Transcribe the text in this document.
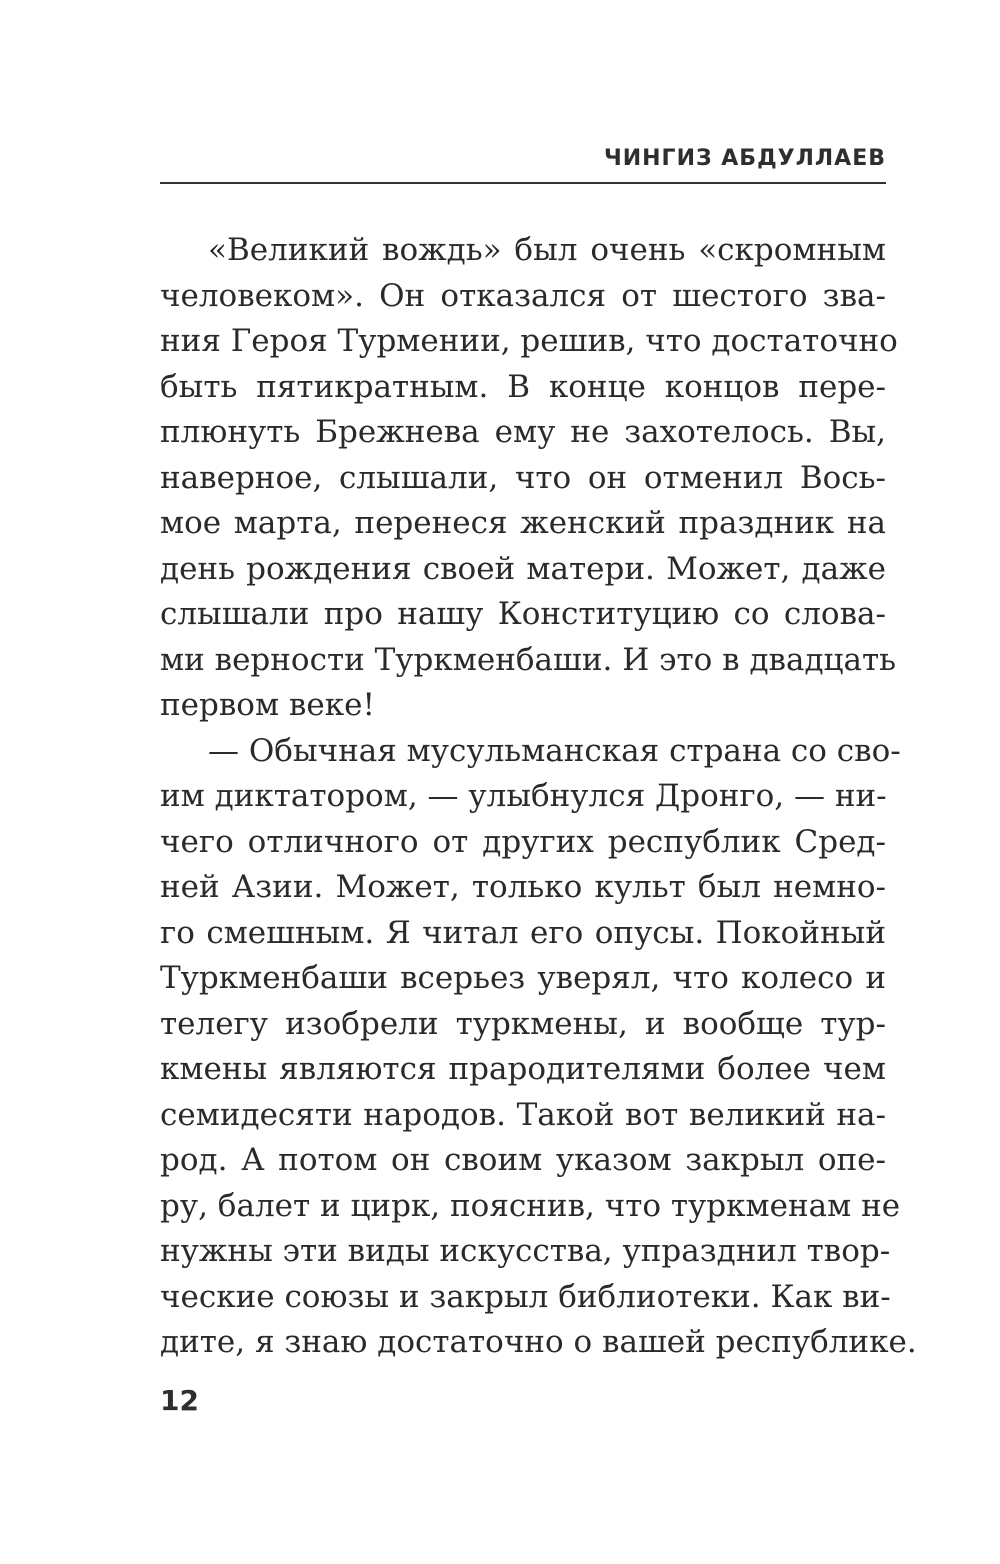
ЧИНГИЗ АБДУЛЛАЕВ
«Великий вождь» был очень «скромным
человеком». Он отказался от шестого зва-
ния Героя Турмении, решив, что достаточно
быть пятикратным. В конце концов пере-
плюнуть Брежнева ему не захотелось. Вы,
наверное, слышали, что он отменил Вось-
мое марта, перенеся женский праздник на
день рождения своей матери. Может, даже
слышали про нашу Конституцию со слова-
ми верности Туркменбаши. И это в двадцать
первом веке!
— Обычная мусульманская страна со сво-
им диктатором, — улыбнулся Дронго, — ни-
чего отличного от других республик Сред-
ней Азии. Может, только культ был немно-
го смешным. Я читал его опусы. Покойный
Туркменбаши всерьез уверял, что колесо и
телегу изобрели туркмены, и вообще тур-
кмены являются прародителями более чем
семидесяти народов. Такой вот великий на-
род. А потом он своим указом закрыл опе-
ру, балет и цирк, пояснив, что туркменам не
нужны эти виды искусства, упразднил твор-
ческие союзы и закрыл библиотеки. Как ви-
дите, я знаю достаточно о вашей республике.
12
